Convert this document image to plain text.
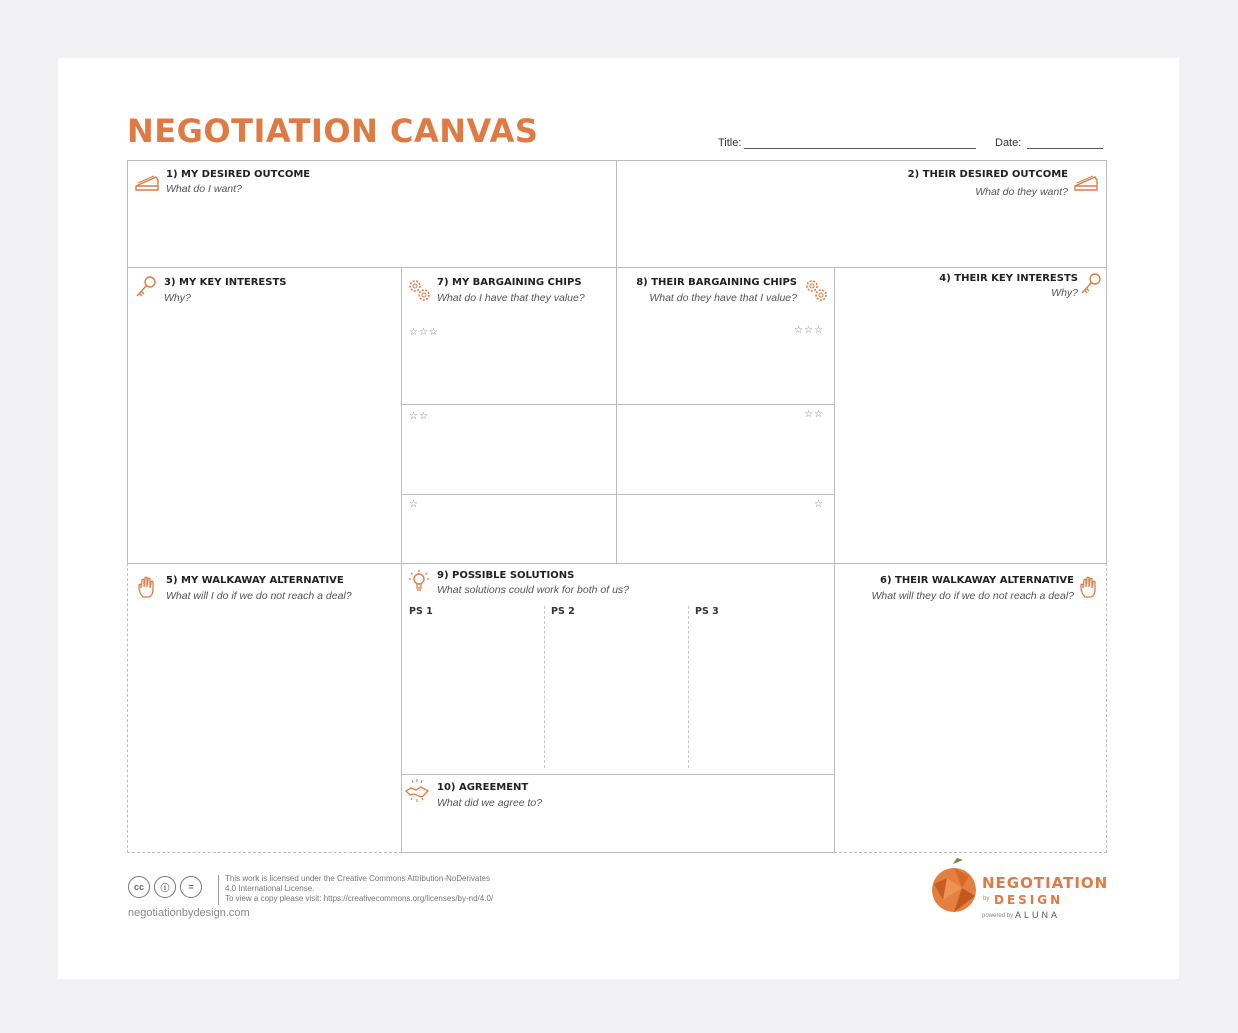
NEGOTIATION CANVAS	Title:	Date:
1) MY DESIRED OUTCOME
What do I want?
2) THEIR DESIRED OUTCOME
What do they want?
3) MY KEY INTERESTS
Why?
4) THEIR KEY INTERESTS
Why?
7) MY BARGAINING CHIPS
What do I have that they value?
☆☆☆
☆☆
☆
8) THEIR BARGAINING CHIPS
What do they have that I value?
☆☆☆
☆☆
☆
5) MY WALKAWAY ALTERNATIVE
What will I do if we do not reach a deal?
6) THEIR WALKAWAY ALTERNATIVE
What will they do if we do not reach a deal?
9) POSSIBLE SOLUTIONS
What solutions could work for both of us?
PS 1	PS 2	PS 3
10) AGREEMENT
What did we agree to?
cc	ⓘ	=
This work is licensed under the Creative Commons Attribution-NoDerivates
4.0 International License.
To view a copy please visit: https://creativecommons.org/licenses/by-nd/4.0/
negotiationbydesign.com
NEGOTIATION
by DESIGN
powered by ALUNA
